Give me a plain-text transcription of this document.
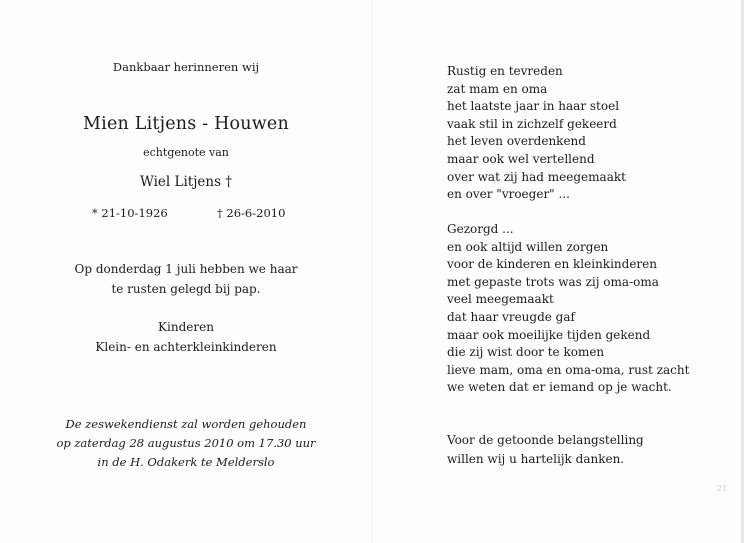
Dankbaar herinneren wij
Mien Litjens - Houwen
echtgenote van
Wiel Litjens †
* 21-10-1926	† 26-6-2010
Op donderdag 1 juli hebben we haar
te rusten gelegd bij pap.
Kinderen
Klein- en achterkleinkinderen
De zeswekendienst zal worden gehouden
op zaterdag 28 augustus 2010 om 17.30 uur
in de H. Odakerk te Melderslo
Rustig en tevreden
zat mam en oma
het laatste jaar in haar stoel
vaak stil in zichzelf gekeerd
het leven overdenkend
maar ook wel vertellend
over wat zij had meegemaakt
en over "vroeger" ...
Gezorgd ...
en ook altijd willen zorgen
voor de kinderen en kleinkinderen
met gepaste trots was zij oma-oma
veel meegemaakt
dat haar vreugde gaf
maar ook moeilijke tijden gekend
die zij wist door te komen
lieve mam, oma en oma-oma, rust zacht
we weten dat er iemand op je wacht.
Voor de getoonde belangstelling
willen wij u hartelijk danken.
21
